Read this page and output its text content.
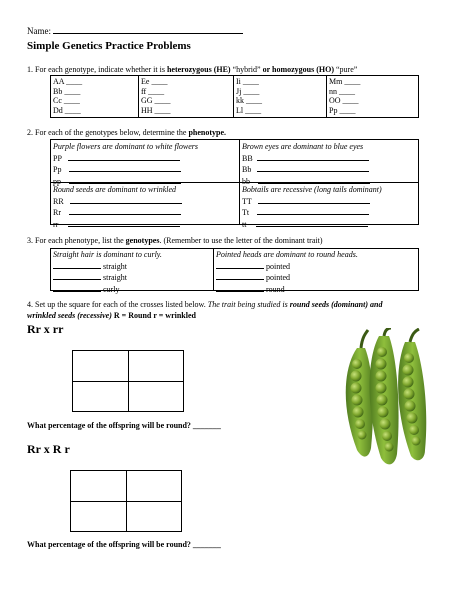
Name:
Simple Genetics Practice Problems
1. For each genotype, indicate whether it is heterozygous (HE) “hybrid” or homozygous (HO) “pure”
AA ____
Bb ____
Cc ____
Dd ____
Ee ____
ff ____
GG ____
HH ____
Ii ____
Jj ____
kk ____
Ll ____
Mm ____
nn ____
OO ____
Pp ____
2. For each of the genotypes below, determine the phenotype.
Purple flowers are dominant to white flowers
PP
Pp
pp
Brown eyes are dominant to blue eyes
BB
Bb
bb
Round seeds are dominant to wrinkled
RR
Rr
rr
Bobtails are recessive (long tails dominant)
TT
Tt
tt
3. For each phenotype, list the genotypes. (Remember to use the letter of the dominant trait)
Straight hair is dominant to curly.
straight
straight
curly
Pointed heads are dominant to round heads.
pointed
pointed
round
4. Set up the square for each of the crosses listed below. The trait being studied is round seeds (dominant) and
wrinkled seeds (recessive) R = Round r = wrinkled
Rr x rr
What percentage of the offspring will be round? _______
Rr x R r
What percentage of the offspring will be round? _______
